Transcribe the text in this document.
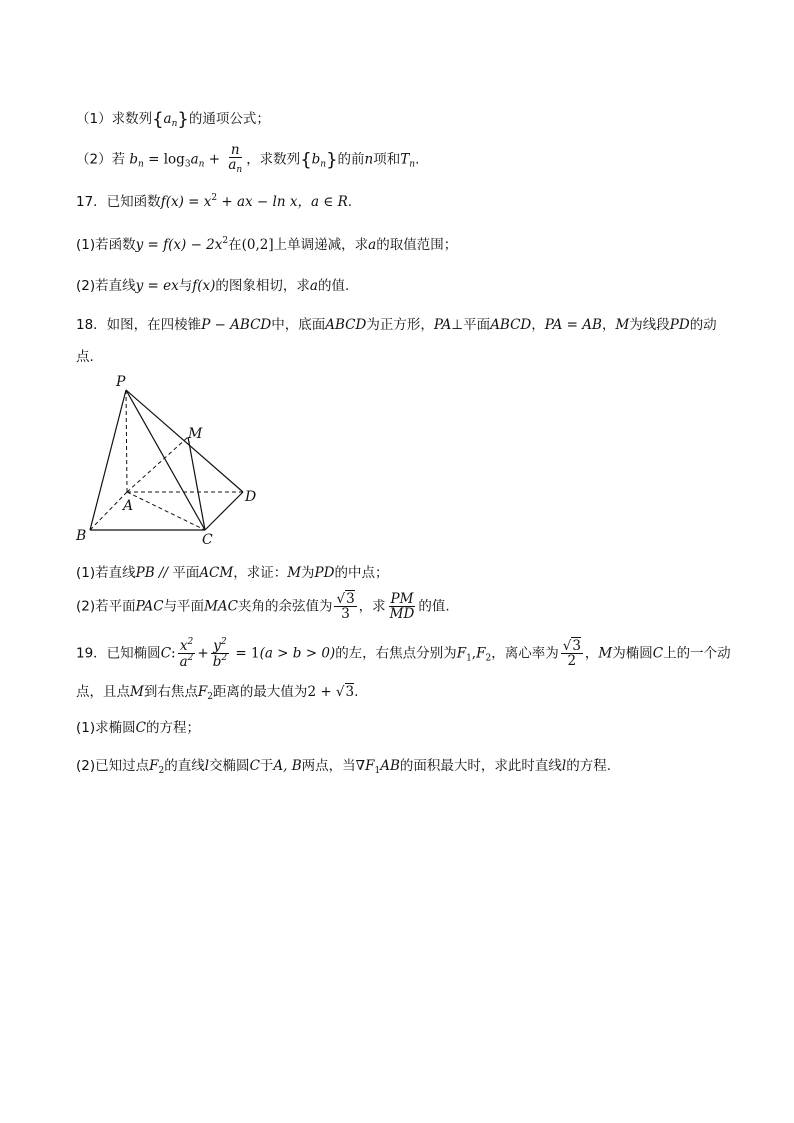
（1）求数列$\{a_n\}$的通项公式；
（2）若 $b_n = \log_3a_n + \frac{n}{a_n}$ ，求数列$\{b_n\}$的前n项和$T_n$.
17．已知函数$f(x) = x^2$ + ax − ln x，a ∈ R.
(1)若函数$y = f(x) - 2x^2$在(0,2]上单调递减，求a的取值范围；
(2)若直线y = ex与f(x)的图象相切，求a的值.
18．如图，在四棱锥P − ABCD中，底面ABCD为正方形，PA⊥平面ABCD，PA = AB，M为线段PD的动
点.
P
M
D
A
B	C
(1)若直线PB // 平面ACM，求证：M为PD的中点；
(2)若平面PAC与平面MAC夹角的余弦值为 $\frac{√3}{3}$ ，求 $\frac{PM}{MD}$ 的值.
19．已知椭圆C: $\frac{x^2}{a^2} + \frac{y^2}{b^2} = 1(a > b > 0)$的左，右焦点分别为$F_1,F_2$，离心率为 $\frac{√3}{2}$ ，M为椭圆C上的一个动
点，且点M到右焦点$F_2$距离的最大值为2 + √3.
(1)求椭圆C的方程；
(2)已知过点$F_2$的直线l交椭圆C于A, B两点，当$\nabla F_1AB$的面积最大时，求此时直线l的方程.
